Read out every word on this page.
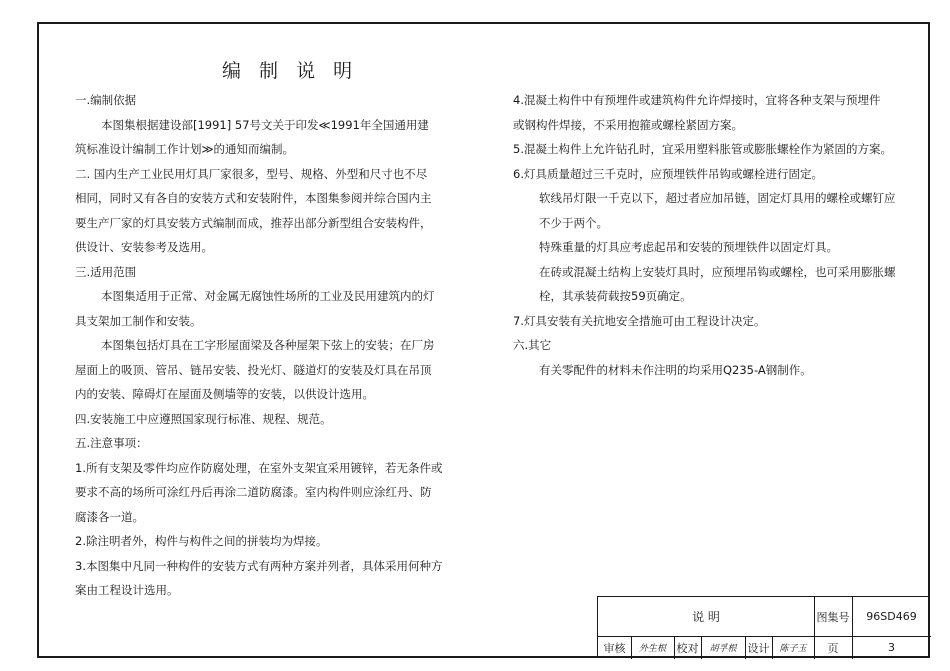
编 制 说 明
一.编制依据
本图集根据建设部[1991] 57号文关于印发≪1991年全国通用建
筑标准设计编制工作计划≫的通知而编制。
二. 国内生产工业民用灯具厂家很多，型号、规格、外型和尺寸也不尽
相同，同时又有各自的安装方式和安装附件，本图集参阅并综合国内主
要生产厂家的灯具安装方式编制而成，推荐出部分新型组合安装构件，
供设计、安装参考及选用。
三.适用范围
本图集适用于正常、对金属无腐蚀性场所的工业及民用建筑内的灯
具支架加工制作和安装。
本图集包括灯具在工字形屋面梁及各种屋架下弦上的安装；在厂房
屋面上的吸顶、管吊、链吊安装、投光灯、隧道灯的安装及灯具在吊顶
内的安装、障碍灯在屋面及侧墙等的安装，以供设计选用。
四.安装施工中应遵照国家现行标准、规程、规范。
五.注意事项：
1.所有支架及零件均应作防腐处理，在室外支架宜采用镀锌，若无条件或
要求不高的场所可涂红丹后再涂二道防腐漆。室内构件则应涂红丹、防
腐漆各一道。
2.除注明者外，构件与构件之间的拼装均为焊接。
3.本图集中凡同一种构件的安装方式有两种方案并列者，具体采用何种方
案由工程设计选用。
4.混凝土构件中有预埋件或建筑构件允许焊接时，宜将各种支架与预埋件
或钢构件焊接，不采用抱箍或螺栓紧固方案。
5.混凝土构件上允许钻孔时，宜采用塑料胀管或膨胀螺栓作为紧固的方案。
6.灯具质量超过三千克时，应预埋铁件吊钩或螺栓进行固定。
软线吊灯限一千克以下，超过者应加吊链，固定灯具用的螺栓或螺钉应
不少于两个。
特殊重量的灯具应考虑起吊和安装的预埋铁件以固定灯具。
在砖或混凝土结构上安装灯具时，应预埋吊钩或螺栓，也可采用膨胀螺
栓，其承装荷载按59页确定。
7.灯具安装有关抗地安全措施可由工程设计决定。
六.其它
有关零配件的材料未作注明的均采用Q235-A钢制作。
说 明	图集号	96SD469
审核	外生根 校对	胡孚根	设计	陈子玉	页	3
